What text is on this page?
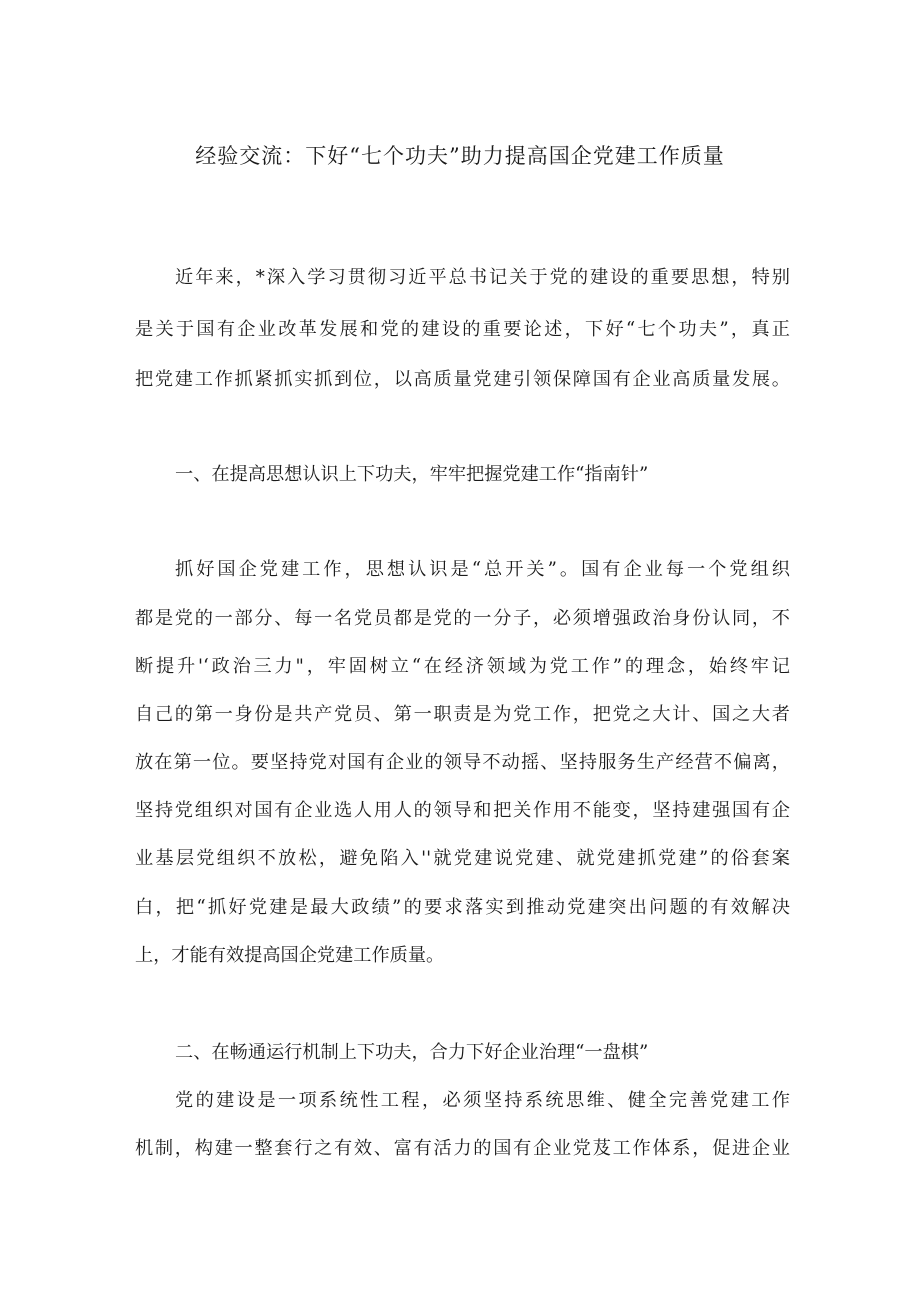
经验交流：下好“七个功夫”助力提高国企党建工作质量
近年来，*深入学习贯彻习近平总书记关于党的建设的重要思想，特别
是关于国有企业改革发展和党的建设的重要论述，下好“七个功夫”，真正
把党建工作抓紧抓实抓到位，以高质量党建引领保障国有企业高质量发展。
一、在提高思想认识上下功夫，牢牢把握党建工作“指南针”
抓好国企党建工作，思想认识是“总开关”。国有企业每一个党组织
都是党的一部分、每一名党员都是党的一分子，必须增强政治身份认同，不
断提升'‘政治三力"，牢固树立“在经济领域为党工作”的理念，始终牢记
自己的第一身份是共产党员、第一职责是为党工作，把党之大计、国之大者
放在第一位。要坚持党对国有企业的领导不动摇、坚持服务生产经营不偏离，
坚持党组织对国有企业选人用人的领导和把关作用不能变，坚持建强国有企
业基层党组织不放松，避免陷入''就党建说党建、就党建抓党建”的俗套案
白，把“抓好党建是最大政绩”的要求落实到推动党建突出问题的有效解决
上，才能有效提高国企党建工作质量。
二、在畅通运行机制上下功夫，合力下好企业治理“一盘棋”
党的建设是一项系统性工程，必须坚持系统思维、健全完善党建工作
机制，构建一整套行之有效、富有活力的国有企业党芨工作体系，促进企业
